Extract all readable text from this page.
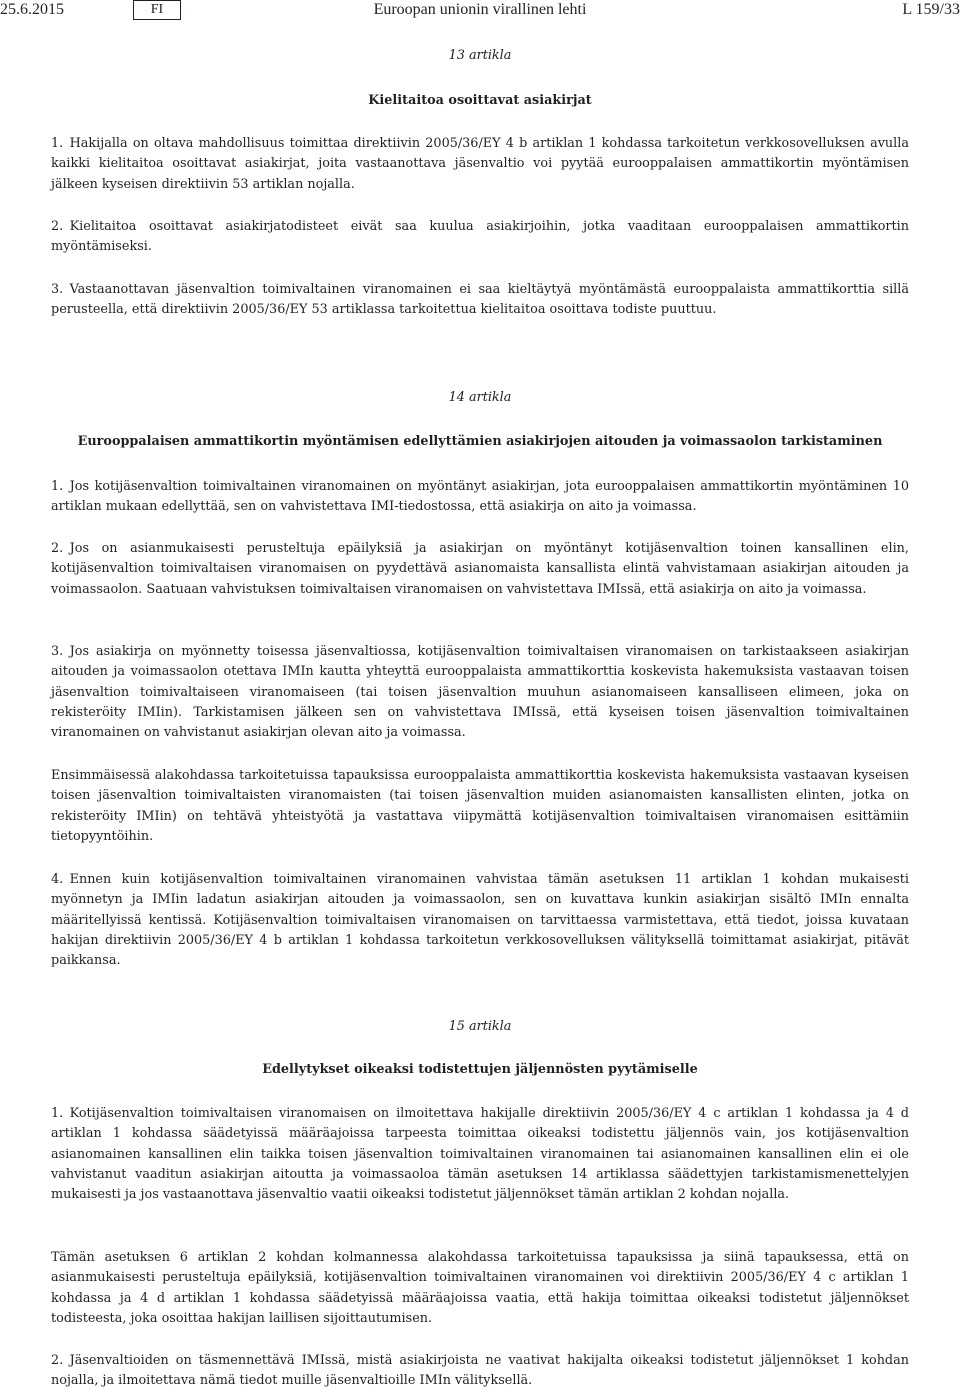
25.6.2015	FI	Euroopan unionin virallinen lehti	L 159/33

13 artikla

Kielitaitoa osoittavat asiakirjat

1. Hakijalla on oltava mahdollisuus toimittaa direktiivin 2005/36/EY 4 b artiklan 1 kohdassa tarkoitetun verkkosovelluksen avulla kaikki kielitaitoa osoittavat asiakirjat, joita vastaanottava jäsenvaltio voi pyytää eurooppalaisen ammattikortin myöntämisen jälkeen kyseisen direktiivin 53 artiklan nojalla.

2. Kielitaitoa osoittavat asiakirjatodisteet eivät saa kuulua asiakirjoihin, jotka vaaditaan eurooppalaisen ammattikortin myöntämiseksi.

3. Vastaanottavan jäsenvaltion toimivaltainen viranomainen ei saa kieltäytyä myöntämästä eurooppalaista ammattikorttia sillä perusteella, että direktiivin 2005/36/EY 53 artiklassa tarkoitettua kielitaitoa osoittava todiste puuttuu.

14 artikla

Eurooppalaisen ammattikortin myöntämisen edellyttämien asiakirjojen aitouden ja voimassaolon tarkistaminen

1. Jos kotijäsenvaltion toimivaltainen viranomainen on myöntänyt asiakirjan, jota eurooppalaisen ammattikortin myöntäminen 10 artiklan mukaan edellyttää, sen on vahvistettava IMI-tiedostossa, että asiakirja on aito ja voimassa.

2. Jos on asianmukaisesti perusteltuja epäilyksiä ja asiakirjan on myöntänyt kotijäsenvaltion toinen kansallinen elin, kotijäsenvaltion toimivaltaisen viranomaisen on pyydettävä asianomaista kansallista elintä vahvistamaan asiakirjan aitouden ja voimassaolon. Saatuaan vahvistuksen toimivaltaisen viranomaisen on vahvistettava IMIssä, että asiakirja on aito ja voimassa.

3. Jos asiakirja on myönnetty toisessa jäsenvaltiossa, kotijäsenvaltion toimivaltaisen viranomaisen on tarkistaakseen asiakirjan aitouden ja voimassaolon otettava IMIn kautta yhteyttä eurooppalaista ammattikorttia koskevista hakemuksista vastaavan toisen jäsenvaltion toimivaltaiseen viranomaiseen (tai toisen jäsenvaltion muuhun asianomaiseen kansalliseen elimeen, joka on rekisteröity IMIin). Tarkistamisen jälkeen sen on vahvistettava IMIssä, että kyseisen toisen jäsenvaltion toimivaltainen viranomainen on vahvistanut asiakirjan olevan aito ja voimassa.

Ensimmäisessä alakohdassa tarkoitetuissa tapauksissa eurooppalaista ammattikorttia koskevista hakemuksista vastaavan kyseisen toisen jäsenvaltion toimivaltaisten viranomaisten (tai toisen jäsenvaltion muiden asianomaisten kansallisten elinten, jotka on rekisteröity IMIin) on tehtävä yhteistyötä ja vastattava viipymättä kotijäsenvaltion toimivaltaisen viranomaisen esittämiin tietopyyntöihin.

4. Ennen kuin kotijäsenvaltion toimivaltainen viranomainen vahvistaa tämän asetuksen 11 artiklan 1 kohdan mukaisesti myönnetyn ja IMIin ladatun asiakirjan aitouden ja voimassaolon, sen on kuvattava kunkin asiakirjan sisältö IMIn ennalta määritellyissä kentissä. Kotijäsenvaltion toimivaltaisen viranomaisen on tarvittaessa varmistettava, että tiedot, joissa kuvataan hakijan direktiivin 2005/36/EY 4 b artiklan 1 kohdassa tarkoitetun verkkosovelluksen välityksellä toimittamat asiakirjat, pitävät paikkansa.

15 artikla

Edellytykset oikeaksi todistettujen jäljennösten pyytämiselle

1. Kotijäsenvaltion toimivaltaisen viranomaisen on ilmoitettava hakijalle direktiivin 2005/36/EY 4 c artiklan 1 kohdassa ja 4 d artiklan 1 kohdassa säädetyissä määräajoissa tarpeesta toimittaa oikeaksi todistettu jäljennös vain, jos kotijäsenvaltion asianomainen kansallinen elin taikka toisen jäsenvaltion toimivaltainen viranomainen tai asianomainen kansallinen elin ei ole vahvistanut vaaditun asiakirjan aitoutta ja voimassaoloa tämän asetuksen 14 artiklassa säädettyjen tarkistamismenettelyjen mukaisesti ja jos vastaanottava jäsenvaltio vaatii oikeaksi todistetut jäljennökset tämän artiklan 2 kohdan nojalla.

Tämän asetuksen 6 artiklan 2 kohdan kolmannessa alakohdassa tarkoitetuissa tapauksissa ja siinä tapauksessa, että on asianmukaisesti perusteltuja epäilyksiä, kotijäsenvaltion toimivaltainen viranomainen voi direktiivin 2005/36/EY 4 c artiklan 1 kohdassa ja 4 d artiklan 1 kohdassa säädetyissä määräajoissa vaatia, että hakija toimittaa oikeaksi todistetut jäljennökset todisteesta, joka osoittaa hakijan laillisen sijoittautumisen.

2. Jäsenvaltioiden on täsmennettävä IMIssä, mistä asiakirjoista ne vaativat hakijalta oikeaksi todistetut jäljennökset 1 kohdan nojalla, ja ilmoitettava nämä tiedot muille jäsenvaltioille IMIn välityksellä.
